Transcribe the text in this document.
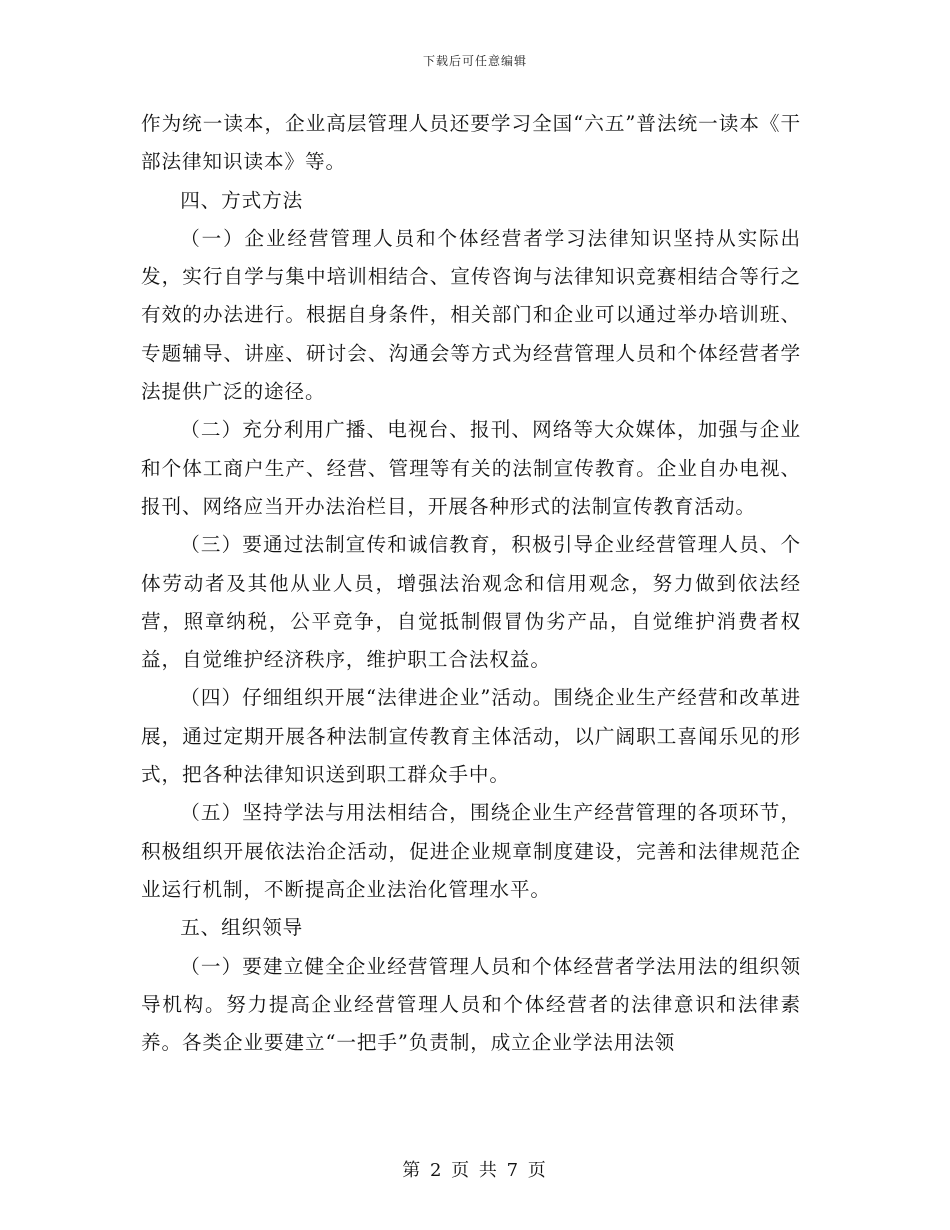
下载后可任意编辑

作为统一读本，企业高层管理人员还要学习全国“六五”普法统一读本《干部法律知识读本》等。

四、方式方法

（一）企业经营管理人员和个体经营者学习法律知识坚持从实际出发，实行自学与集中培训相结合、宣传咨询与法律知识竞赛相结合等行之有效的办法进行。根据自身条件，相关部门和企业可以通过举办培训班、专题辅导、讲座、研讨会、沟通会等方式为经营管理人员和个体经营者学法提供广泛的途径。

（二）充分利用广播、电视台、报刊、网络等大众媒体，加强与企业和个体工商户生产、经营、管理等有关的法制宣传教育。企业自办电视、报刊、网络应当开办法治栏目，开展各种形式的法制宣传教育活动。

（三）要通过法制宣传和诚信教育，积极引导企业经营管理人员、个体劳动者及其他从业人员，增强法治观念和信用观念，努力做到依法经营，照章纳税，公平竞争，自觉抵制假冒伪劣产品，自觉维护消费者权益，自觉维护经济秩序，维护职工合法权益。

（四）仔细组织开展“法律进企业”活动。围绕企业生产经营和改革进展，通过定期开展各种法制宣传教育主体活动，以广阔职工喜闻乐见的形式，把各种法律知识送到职工群众手中。

（五）坚持学法与用法相结合，围绕企业生产经营管理的各项环节，积极组织开展依法治企活动，促进企业规章制度建设，完善和法律规范企业运行机制，不断提高企业法治化管理水平。

五、组织领导

（一）要建立健全企业经营管理人员和个体经营者学法用法的组织领导机构。努力提高企业经营管理人员和个体经营者的法律意识和法律素养。各类企业要建立“一把手”负责制，成立企业学法用法领

第 2 页 共 7 页
